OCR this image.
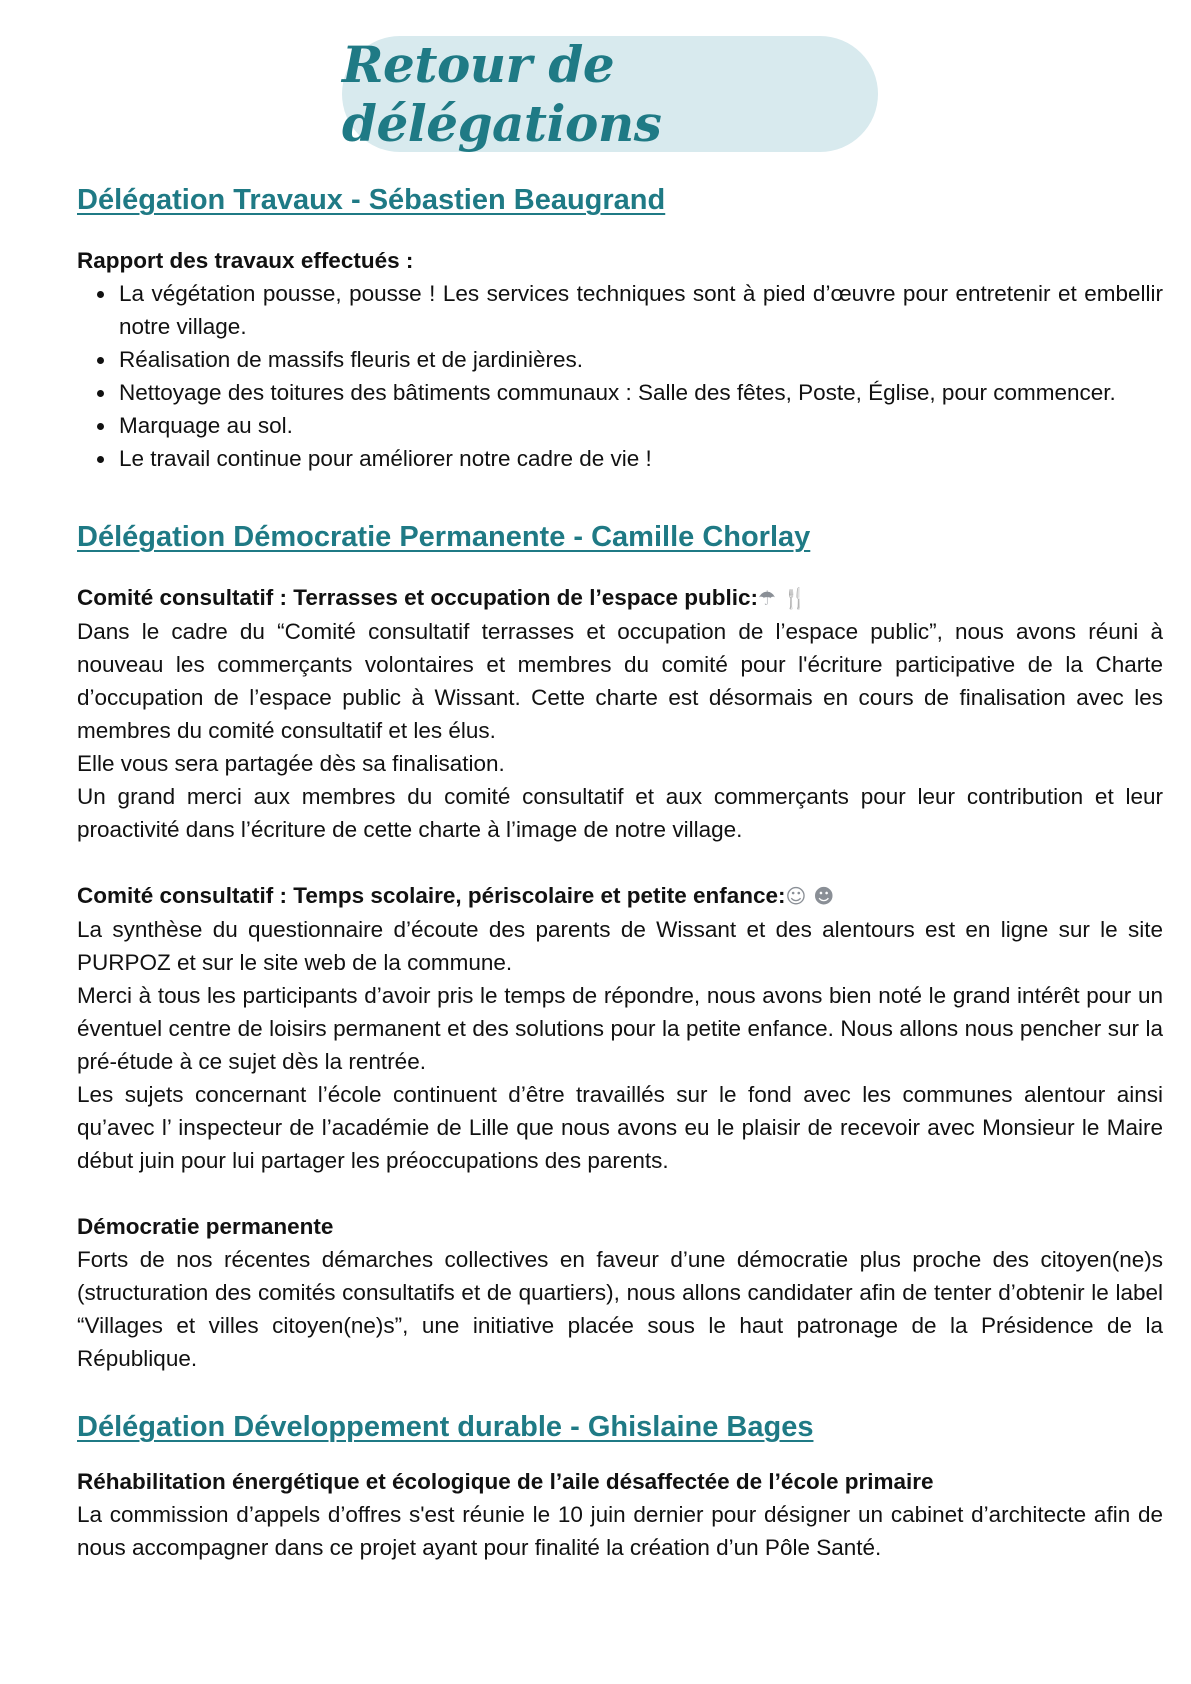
Retour de délégations
Délégation Travaux - Sébastien Beaugrand

Rapport des travaux effectués :

• La végétation pousse, pousse ! Les services techniques sont à pied d’œuvre pour entretenir et embellir notre village.
• Réalisation de massifs fleuris et de jardinières.
• Nettoyage des toitures des bâtiments communaux : Salle des fêtes, Poste, Église, pour commencer.
• Marquage au sol.
• Le travail continue pour améliorer notre cadre de vie !
Délégation Démocratie Permanente - Camille Chorlay

Comité consultatif : Terrasses et occupation de l’espace public:☂ 🍴

Dans le cadre du “Comité consultatif terrasses et occupation de l’espace public”, nous avons réuni à nouveau les commerçants volontaires et membres du comité pour l'écriture participative de la Charte d’occupation de l’espace public à Wissant. Cette charte est désormais en cours de finalisation avec les membres du comité consultatif et les élus.

Elle vous sera partagée dès sa finalisation.

Un grand merci aux membres du comité consultatif et aux commerçants pour leur contribution et leur proactivité dans l’écriture de cette charte à l’image de notre village.

Comité consultatif : Temps scolaire, périscolaire et petite enfance:☺ ☻

La synthèse du questionnaire d’écoute des parents de Wissant et des alentours est en ligne sur le site PURPOZ et sur le site web de la commune.

Merci à tous les participants d’avoir pris le temps de répondre, nous avons bien noté le grand intérêt pour un éventuel centre de loisirs permanent et des solutions pour la petite enfance. Nous allons nous pencher sur la pré-étude à ce sujet dès la rentrée.

Les sujets concernant l’école continuent d’être travaillés sur le fond avec les communes alentour ainsi qu’avec l’ inspecteur de l’académie de Lille que nous avons eu le plaisir de recevoir avec Monsieur le Maire début juin pour lui partager les préoccupations des parents.

Démocratie permanente

Forts de nos récentes démarches collectives en faveur d’une démocratie plus proche des citoyen(ne)s (structuration des comités consultatifs et de quartiers), nous allons candidater afin de tenter d’obtenir le label “Villages et villes citoyen(ne)s”, une initiative placée sous le haut patronage de la Présidence de la République.

Délégation Développement durable - Ghislaine Bages

Réhabilitation énergétique et écologique de l’aile désaffectée de l’école primaire

La commission d’appels d’offres s'est réunie le 10 juin dernier pour désigner un cabinet d’architecte afin de nous accompagner dans ce projet ayant pour finalité la création d’un Pôle Santé.
